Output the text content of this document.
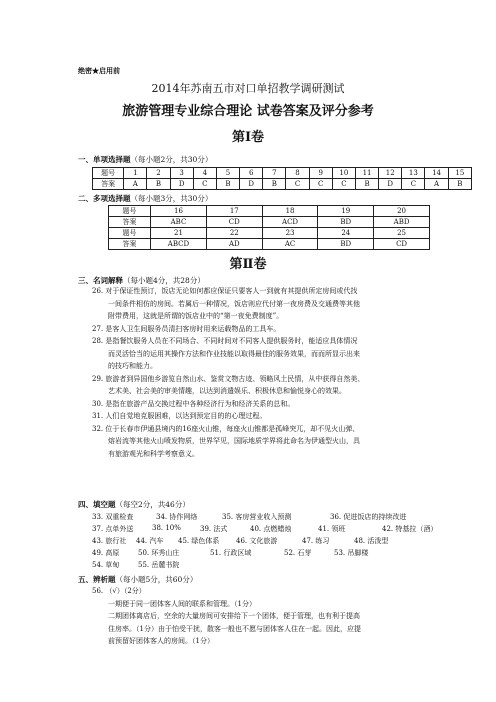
绝密★启用前
2014年苏南五市对口单招教学调研测试
旅游管理专业综合理论 试卷答案及评分参考
第Ⅰ卷
一、单项选择题（每小题2分，共30分）
题号	1	2	3	4	5	6	7	8	9	10	11	12	13	14	15
答案	A	B	D	C	B	D	B	C	C	C	B	D	C	A	B
二、多项选择题（每小题3分，共30分）
题号	16	17	18	19	20
答案	ABC	CD	ACD	BD	ABD
题号	21	22	23	24	25
答案	ABCD	AD	AC	BD	CD
第Ⅱ卷
三、名词解释（每小题4分，共28分）
26. 对于保证性预订，饭店无论如何都应保证只要客人一到就有其提供所定房间或代找
一间条件相仿的房间。若属后一种情况，饭店则应代付第一夜房费及交通费等其他
附带费用，这就是所谓的饭店业中的“第一夜免费制度”。
27. 是客人卫生间服务员清扫客房时用来运载物品的工具车。
28. 是指餐饮服务人员在不同场合、不同时间对不同客人提供服务时，能适应具体情况
而灵活恰当的运用其操作方法和作业技能以取得最佳的服务效果，而而所显示出来
的技巧和能力。
29. 旅游者到异国他乡游览自然山水、鉴赏文物古迹、领略风土民情，从中获得自然美、
艺术美、社会美的审美情趣，以达到消遣娱乐、积极休息和愉悦身心的效果。
30. 是指在旅游产品交换过程中各种经济行为和经济关系的总和。
31. 人们自觉地克服困难，以达到预定目的的心理过程。
32. 位于长春市伊通县境内的16座火山锥，每座火山锥都是孤峰突兀，却不见火山弹、
熔岩流等其他火山喷发物质，世界罕见，国际地质学界将此命名为伊通型火山，具
有旅游观光和科学考察意义。
四、填空题（每空2分，共46分）
33. 双重检查	34. 协作网络	35. 客房营业收入预测	36. 促进饭店的持续改进
37. 点单外送	38. 10%	39. 法式	40. 点燃蜡烛	41. 领班	42. 特基拉（酒）
43. 旅行社 44. 汽车 45. 绿色体系 46. 文化旅游	47. 练习	48. 活泼型
49. 高原	50. 环秀山庄	51. 行政区域	52. 石芽	53. 吊脚楼
54. 草甸	55. 岳麓书院
五、辨析题（每小题5分，共60分）
56. （√）（2分）
一期便于同一团体客人间的联系和管理。（1分）
二期团体离店后，空余的大量房间可安排给下一个团体，便于管理，也有利于提高
住房率。（1分）由于怕受干扰，散客一般也不愿与团体客人住在一起。因此，应提
前预留好团体客人的房间。（1分）
